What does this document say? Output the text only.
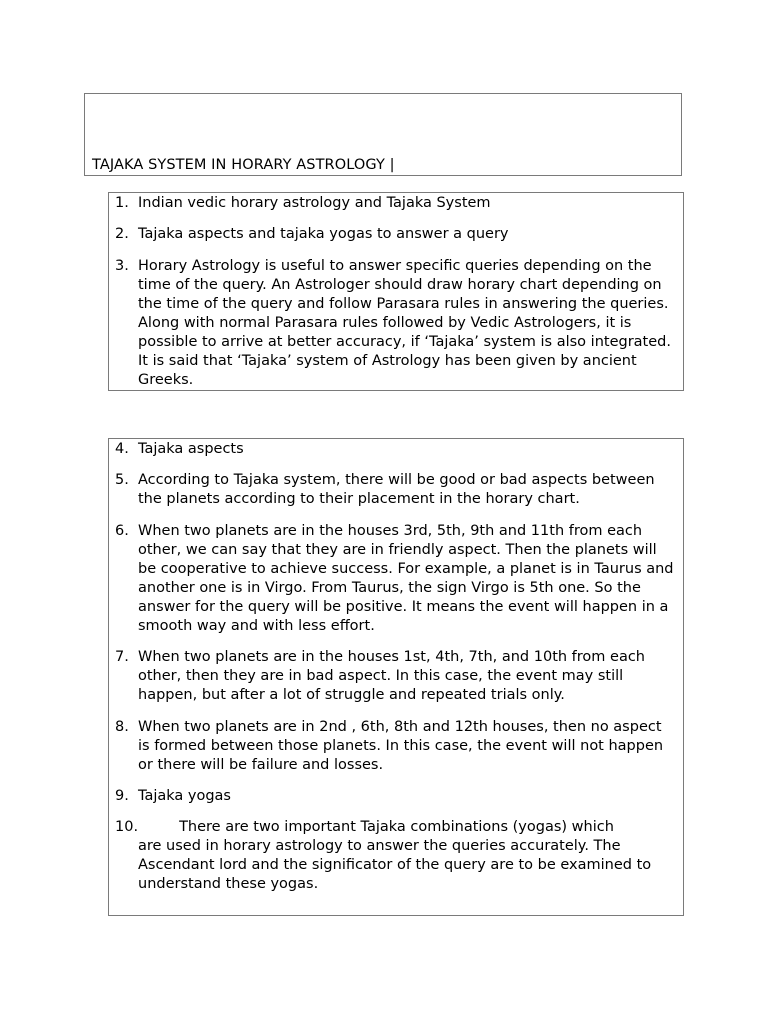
TAJAKA SYSTEM IN HORARY ASTROLOGY |
1. Indian vedic horary astrology and Tajaka System
2. Tajaka aspects and tajaka yogas to answer a query
3. Horary Astrology is useful to answer specific queries depending on the time of the query. An Astrologer should draw horary chart depending on the time of the query and follow Parasara rules in answering the queries. Along with normal Parasara rules followed by Vedic Astrologers, it is possible to arrive at better accuracy, if ‘Tajaka’ system is also integrated. It is said that ‘Tajaka’ system of Astrology has been given by ancient Greeks.
4. Tajaka aspects
5. According to Tajaka system, there will be good or bad aspects between the planets according to their placement in the horary chart.
6. When two planets are in the houses 3rd, 5th, 9th and 11th from each other, we can say that they are in friendly aspect. Then the planets will be cooperative to achieve success. For example, a planet is in Taurus and another one is in Virgo. From Taurus, the sign Virgo is 5th one. So the answer for the query will be positive. It means the event will happen in a smooth way and with less effort.
7. When two planets are in the houses 1st, 4th, 7th, and 10th from each other, then they are in bad aspect. In this case, the event may still happen, but after a lot of struggle and repeated trials only.
8. When two planets are in 2nd , 6th, 8th and 12th houses, then no aspect is formed between those planets. In this case, the event will not happen or there will be failure and losses.
9. Tajaka yogas
10.	There are two important Tajaka combinations (yogas) which
are used in horary astrology to answer the queries accurately. The Ascendant lord and the significator of the query are to be examined to understand these yogas.
